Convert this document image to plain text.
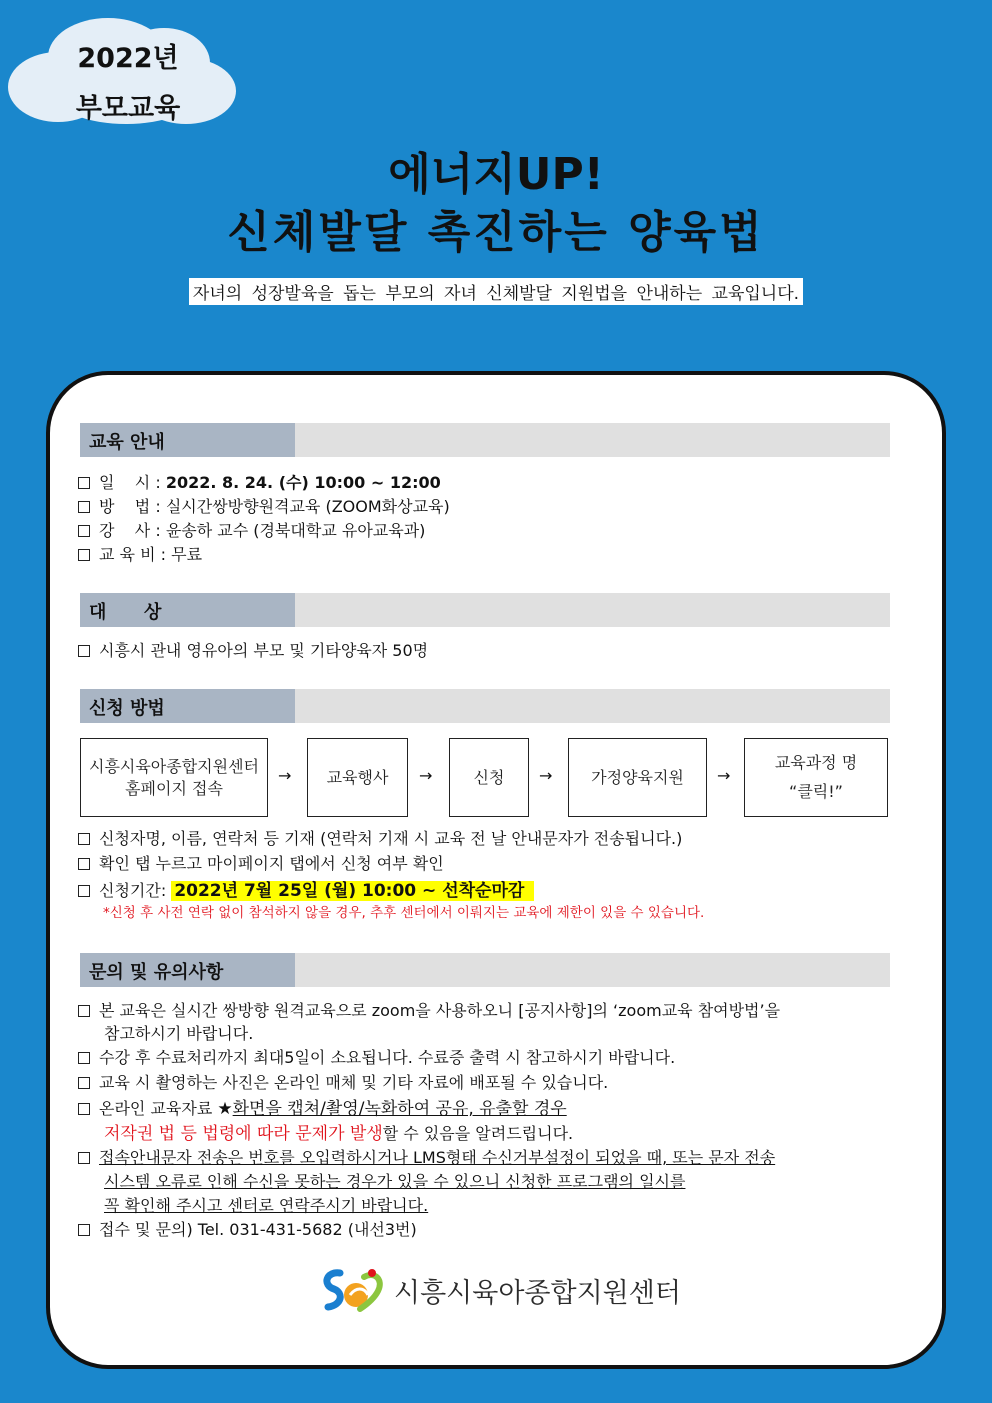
2022년
부모교육
에너지UP!
신체발달 촉진하는 양육법
자녀의 성장발육을 돕는 부모의 자녀 신체발달 지원법을 안내하는 교육입니다.
교육 안내
일    시 : 2022. 8. 24. (수) 10:00 ~ 12:00
방    법 : 실시간쌍방향원격교육 (ZOOM화상교육)
강    사 : 윤송하 교수 (경북대학교 유아교육과)
교 육 비 : 무료
대      상
시흥시 관내 영유아의 부모 및 기타양육자 50명
신청 방법
시흥시육아종합지원센터
홈페이지 접속
→ 교육행사 →	신청 → 가정양육지원 →
교육과정 명
“클릭!”
신청자명, 이름, 연락처 등 기재 (연락처 기재 시 교육 전 날 안내문자가 전송됩니다.)
확인 탭 누르고 마이페이지 탭에서 신청 여부 확인
신청기간: 2022년 7월 25일 (월) 10:00 ~ 선착순마감
*신청 후 사전 연락 없이 참석하지 않을 경우, 추후 센터에서 이뤄지는 교육에 제한이 있을 수 있습니다.
문의 및 유의사항
본 교육은 실시간 쌍방향 원격교육으로 zoom을 사용하오니 [공지사항]의 ‘zoom교육 참여방법’을
참고하시기 바랍니다.
수강 후 수료처리까지 최대5일이 소요됩니다. 수료증 출력 시 참고하시기 바랍니다.
교육 시 촬영하는 사진은 온라인 매체 및 기타 자료에 배포될 수 있습니다.
온라인 교육자료 ★화면을 캡쳐/촬영/녹화하여 공유, 유출할 경우
저작권 법 등 법령에 따라 문제가 발생할 수 있음을 알려드립니다.
접속안내문자 전송은 번호를 오입력하시거나 LMS형태 수신거부설정이 되었을 때, 또는 문자 전송
시스템 오류로 인해 수신을 못하는 경우가 있을 수 있으니 신청한 프로그램의 일시를
꼭 확인해 주시고 센터로 연락주시기 바랍니다.
접수 및 문의) Tel. 031-431-5682 (내선3번)
시흥시육아종합지원센터
